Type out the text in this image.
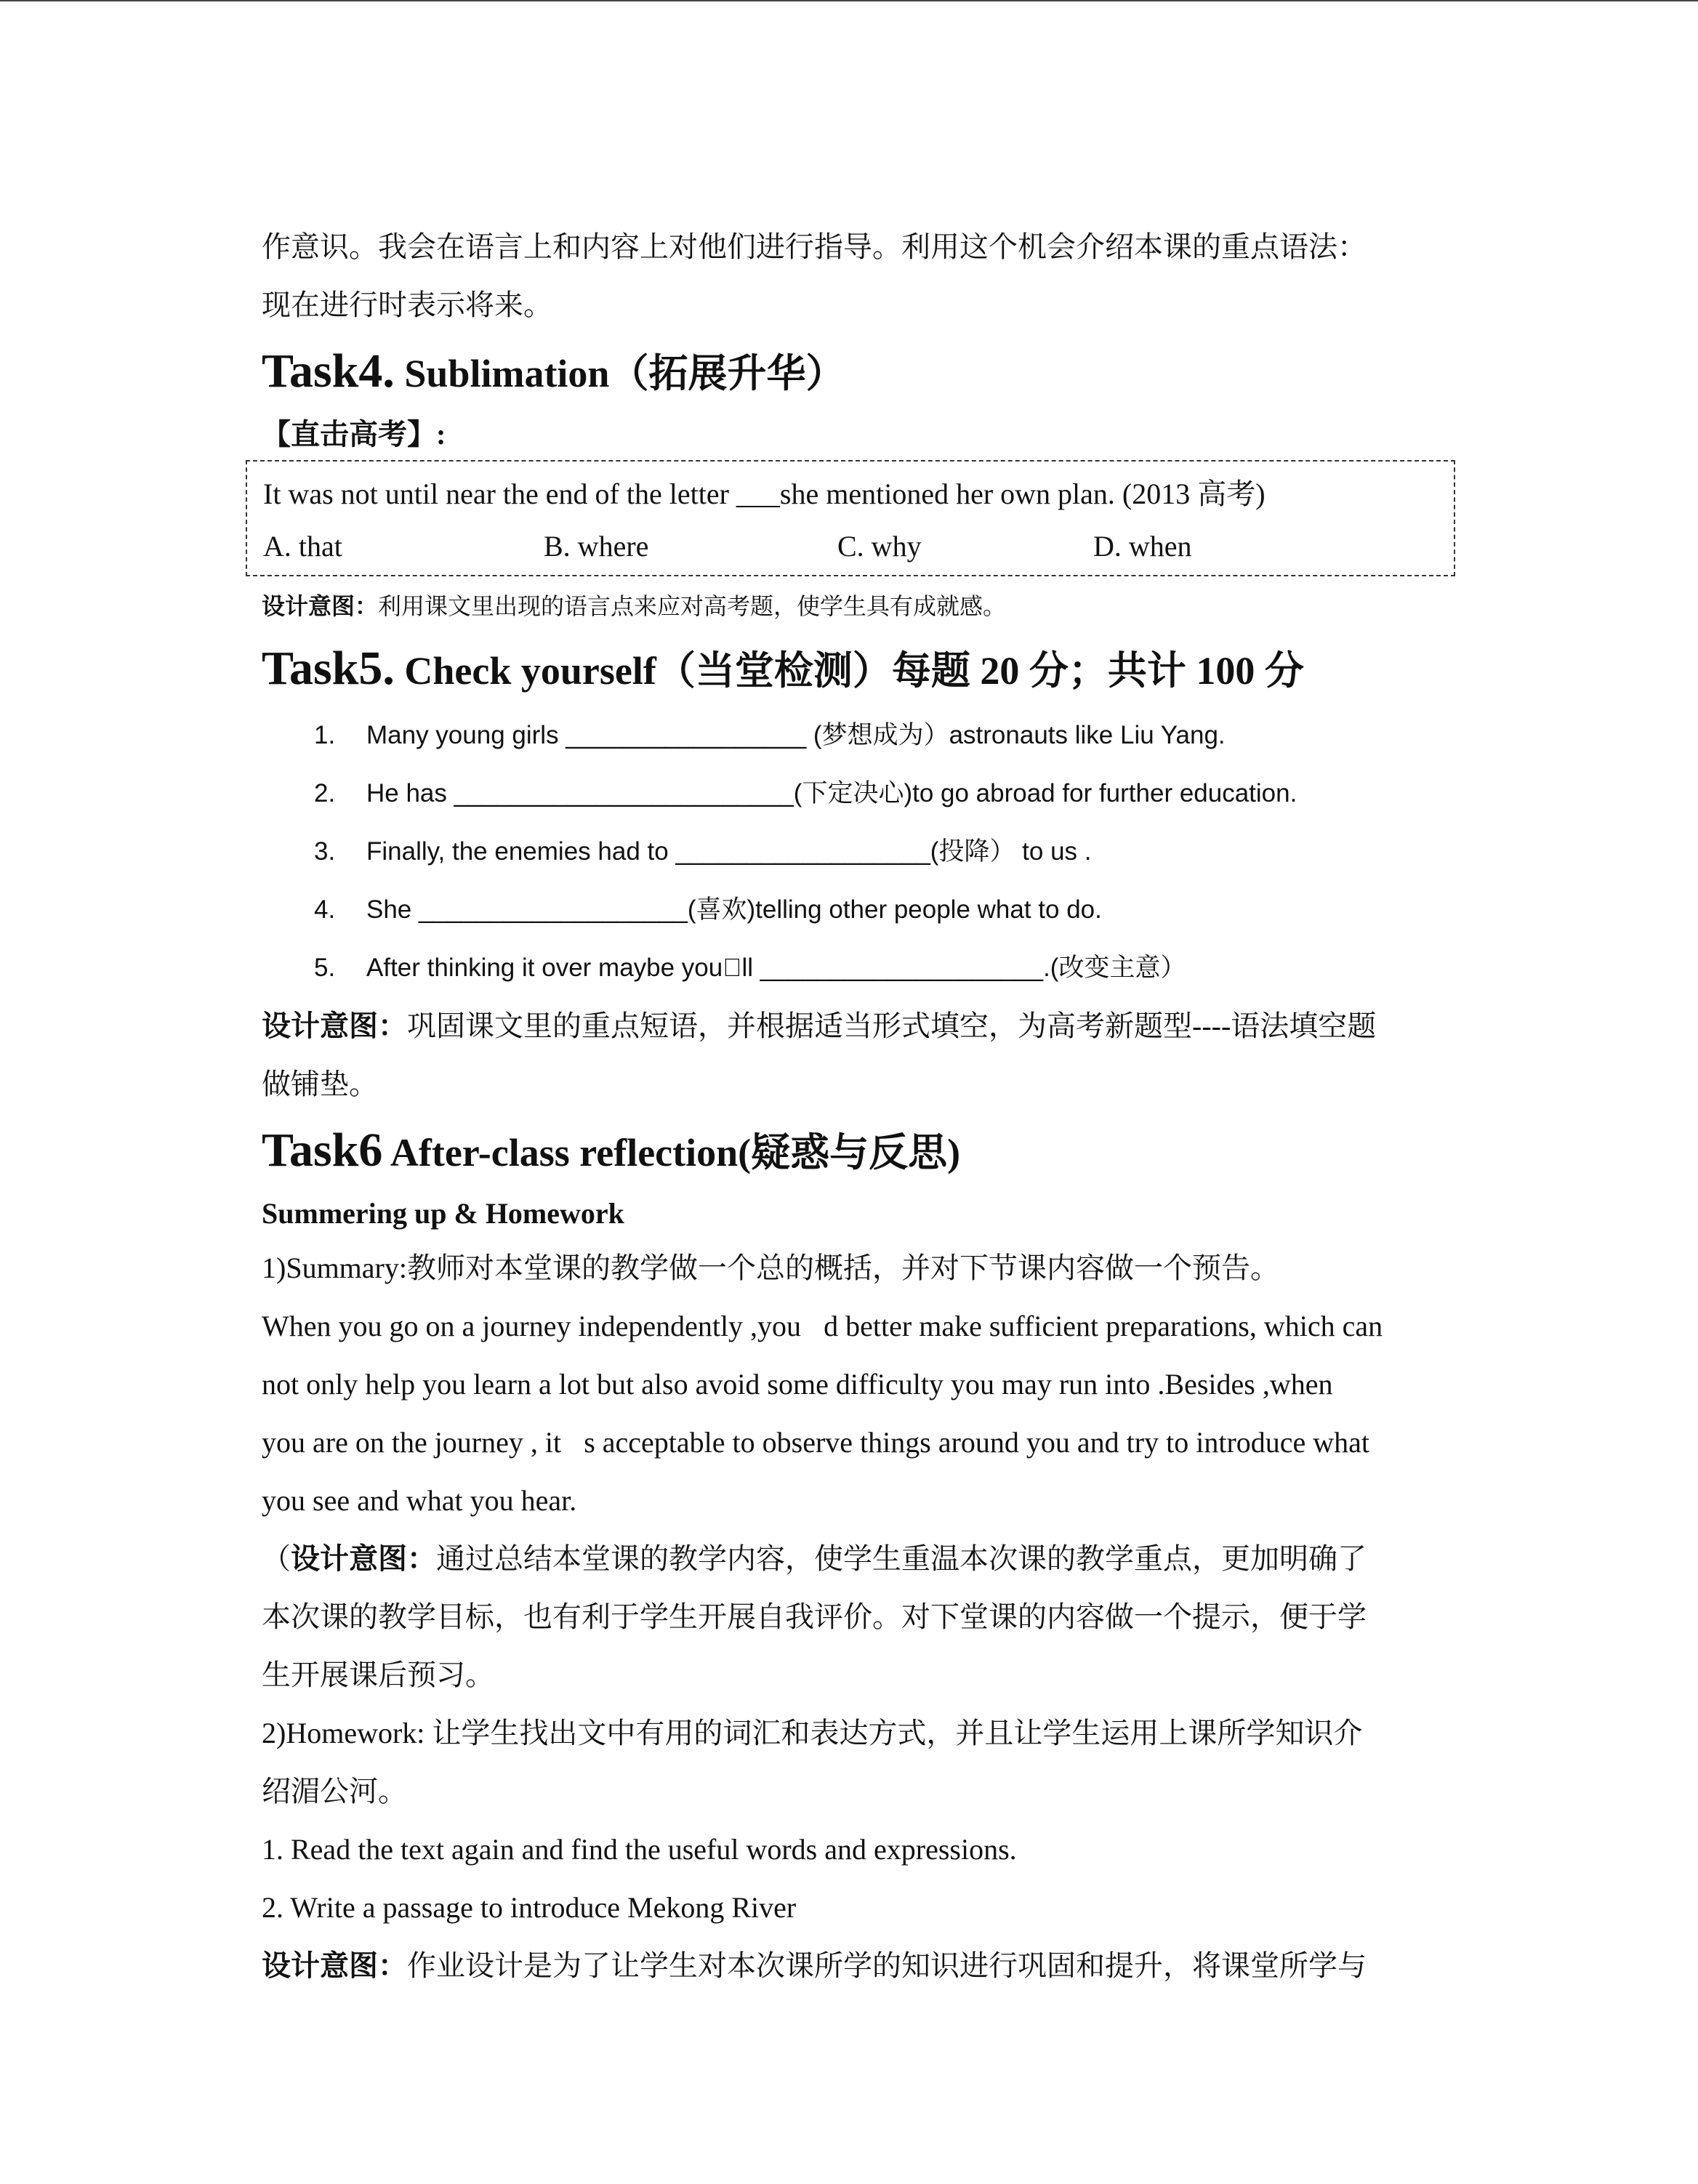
作意识。我会在语言上和内容上对他们进行指导。利用这个机会介绍本课的重点语法：

现在进行时表示将来。

Task4. Sublimation（拓展升华）

【直击高考】:

It was not until near the end of the letter ___she mentioned her own plan. (2013 高考)

A. that	B. where	C. why	D. when

设计意图：利用课文里出现的语言点来应对高考题，使学生具有成就感。

Task5. Check yourself（当堂检测）每题 20 分；共计 100 分
1.	Many young girls _________________ (梦想成为）astronauts like Liu Yang.
2.	He has ________________________(下定决心)to go abroad for further education.
3.	Finally, the enemies had to __________________(投降） to us .
4.	She ___________________(喜欢)telling other people what to do.
5.	After thinking it over maybe you ll ____________________.(改变主意）

设计意图：巩固课文里的重点短语，并根据适当形式填空，为高考新题型----语法填空题

做铺垫。

Task6 After-class reflection(疑惑与反思)

Summering up & Homework

1)Summary:教师对本堂课的教学做一个总的概括，并对下节课内容做一个预告。

When you go on a journey independently ,you d better make sufficient preparations, which can

not only help you learn a lot but also avoid some difficulty you may run into .Besides ,when

you are on the journey , it s acceptable to observe things around you and try to introduce what

you see and what you hear.

（设计意图：通过总结本堂课的教学内容，使学生重温本次课的教学重点，更加明确了

本次课的教学目标，也有利于学生开展自我评价。对下堂课的内容做一个提示，便于学

生开展课后预习。

2)Homework: 让学生找出文中有用的词汇和表达方式，并且让学生运用上课所学知识介

绍湄公河。

1. Read the text again and find the useful words and expressions.

2. Write a passage to introduce Mekong River

设计意图：作业设计是为了让学生对本次课所学的知识进行巩固和提升，将课堂所学与
